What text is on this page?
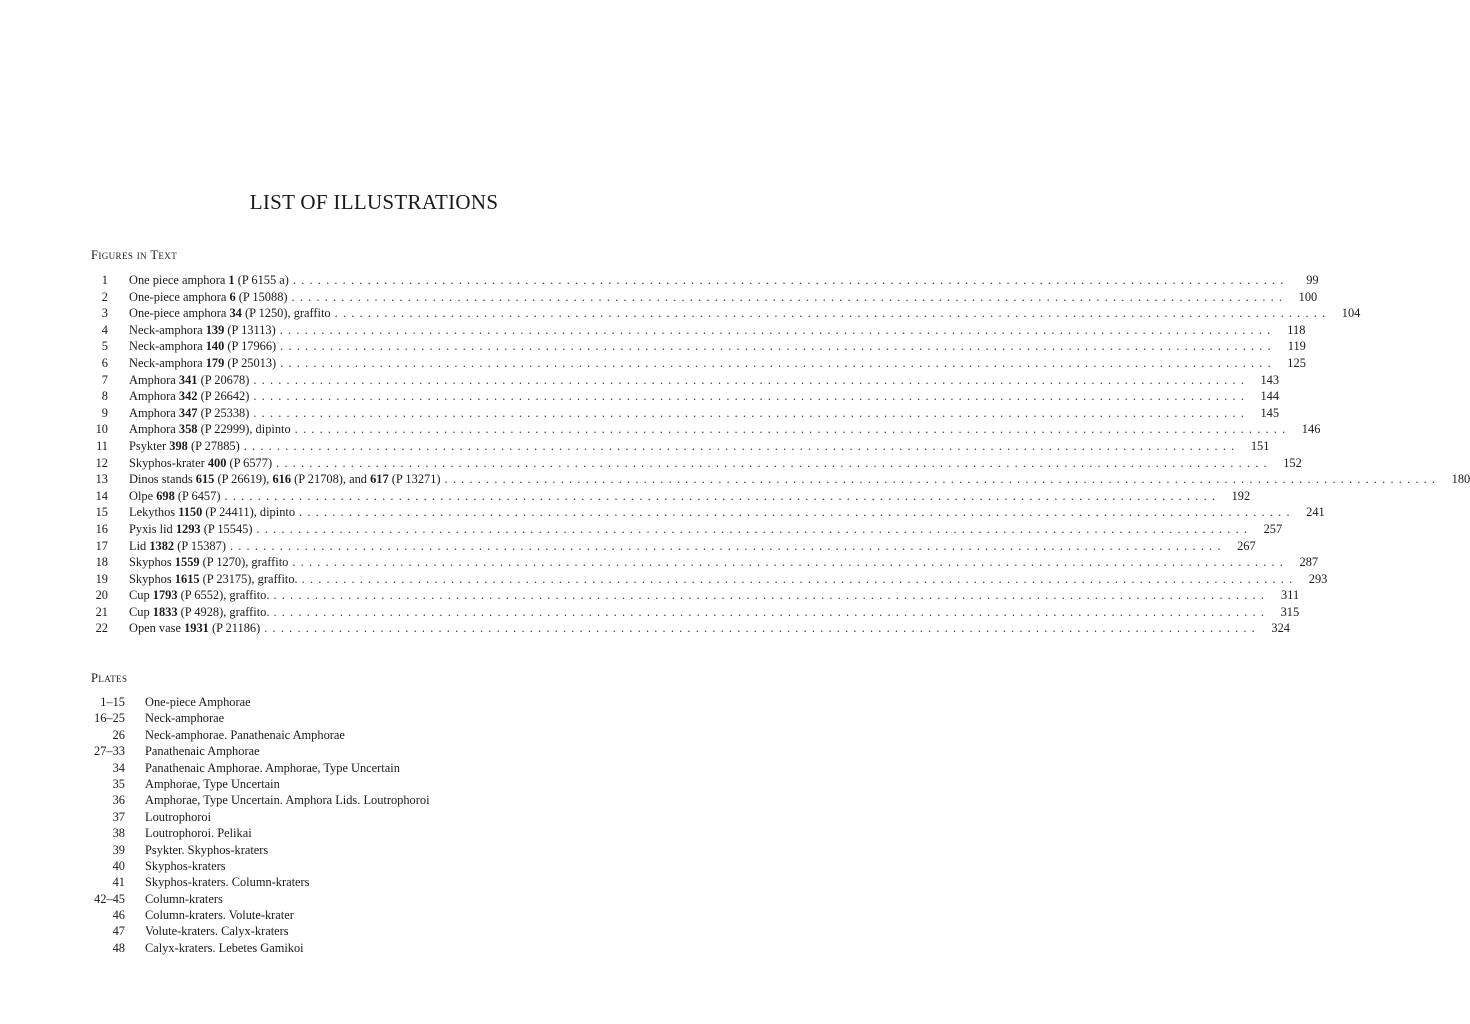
LIST OF ILLUSTRATIONS
Figures in Text
1 One piece amphora 1 (P 6155 a) ........................................................................................................................	99
2 One-piece amphora 6 (P 15088) ........................................................................................................................ 100
3 One-piece amphora 34 (P 1250), graffito ........................................................................................................................ 104
4 Neck-amphora 139 (P 13113) ........................................................................................................................ 118
5 Neck-amphora 140 (P 17966) ........................................................................................................................ 119
6 Neck-amphora 179 (P 25013) ........................................................................................................................ 125
7 Amphora 341 (P 20678) ........................................................................................................................ 143
8 Amphora 342 (P 26642) ........................................................................................................................ 144
9 Amphora 347 (P 25338) ........................................................................................................................ 145
10 Amphora 358 (P 22999), dipinto ........................................................................................................................ 146
11 Psykter 398 (P 27885) ........................................................................................................................ 151
12 Skyphos-krater 400 (P 6577) ........................................................................................................................ 152
13 Dinos stands 615 (P 26619), 616 (P 21708), and 617 (P 13271) ........................................................................................................................ 180
14 Olpe 698 (P 6457) ........................................................................................................................ 192
15 Lekythos 1150 (P 24411), dipinto ........................................................................................................................ 241
16 Pyxis lid 1293 (P 15545) ........................................................................................................................ 257
17 Lid 1382 (P 15387) ........................................................................................................................ 267
18 Skyphos 1559 (P 1270), graffito ........................................................................................................................ 287
19 Skyphos 1615 (P 23175), graffito. ........................................................................................................................ 293
20 Cup 1793 (P 6552), graffito. ........................................................................................................................ 311
21 Cup 1833 (P 4928), graffito. ........................................................................................................................ 315
22 Open vase 1931 (P 21186) ........................................................................................................................ 324
Plates
1–15 One-piece Amphorae
16–25 Neck-amphorae
26 Neck-amphorae. Panathenaic Amphorae
27–33 Panathenaic Amphorae
34 Panathenaic Amphorae. Amphorae, Type Uncertain
35 Amphorae, Type Uncertain
36 Amphorae, Type Uncertain. Amphora Lids. Loutrophoroi
37 Loutrophoroi
38 Loutrophoroi. Pelikai
39 Psykter. Skyphos-kraters
40 Skyphos-kraters
41 Skyphos-kraters. Column-kraters
42–45 Column-kraters
46 Column-kraters. Volute-krater
47 Volute-kraters. Calyx-kraters
48 Calyx-kraters. Lebetes Gamikoi
